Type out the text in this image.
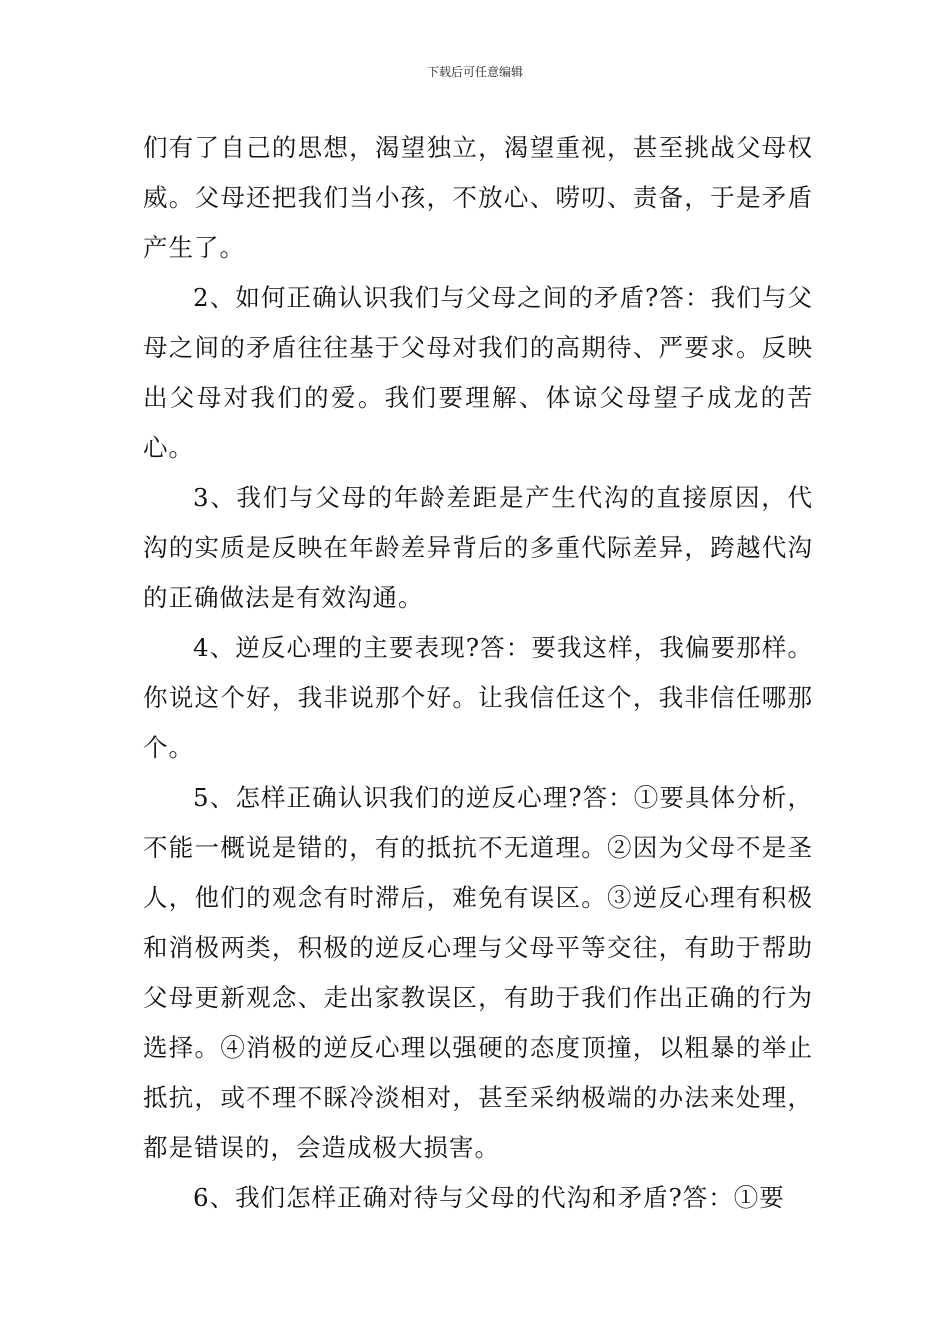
下载后可任意编辑

们有了自己的思想，渴望独立，渴望重视，甚至挑战父母权威。父母还把我们当小孩，不放心、唠叨、责备，于是矛盾产生了。

2、如何正确认识我们与父母之间的矛盾?答：我们与父母之间的矛盾往往基于父母对我们的高期待、严要求。反映出父母对我们的爱。我们要理解、体谅父母望子成龙的苦心。

3、我们与父母的年龄差距是产生代沟的直接原因，代沟的实质是反映在年龄差异背后的多重代际差异，跨越代沟的正确做法是有效沟通。

4、逆反心理的主要表现?答：要我这样，我偏要那样。你说这个好，我非说那个好。让我信任这个，我非信任哪那个。

5、怎样正确认识我们的逆反心理?答：①要具体分析，不能一概说是错的，有的抵抗不无道理。②因为父母不是圣人，他们的观念有时滞后，难免有误区。③逆反心理有积极和消极两类，积极的逆反心理与父母平等交往，有助于帮助父母更新观念、走出家教误区，有助于我们作出正确的行为选择。④消极的逆反心理以强硬的态度顶撞，以粗暴的举止抵抗，或不理不睬冷淡相对，甚至采纳极端的办法来处理，都是错误的，会造成极大损害。

6、我们怎样正确对待与父母的代沟和矛盾?答：①要
